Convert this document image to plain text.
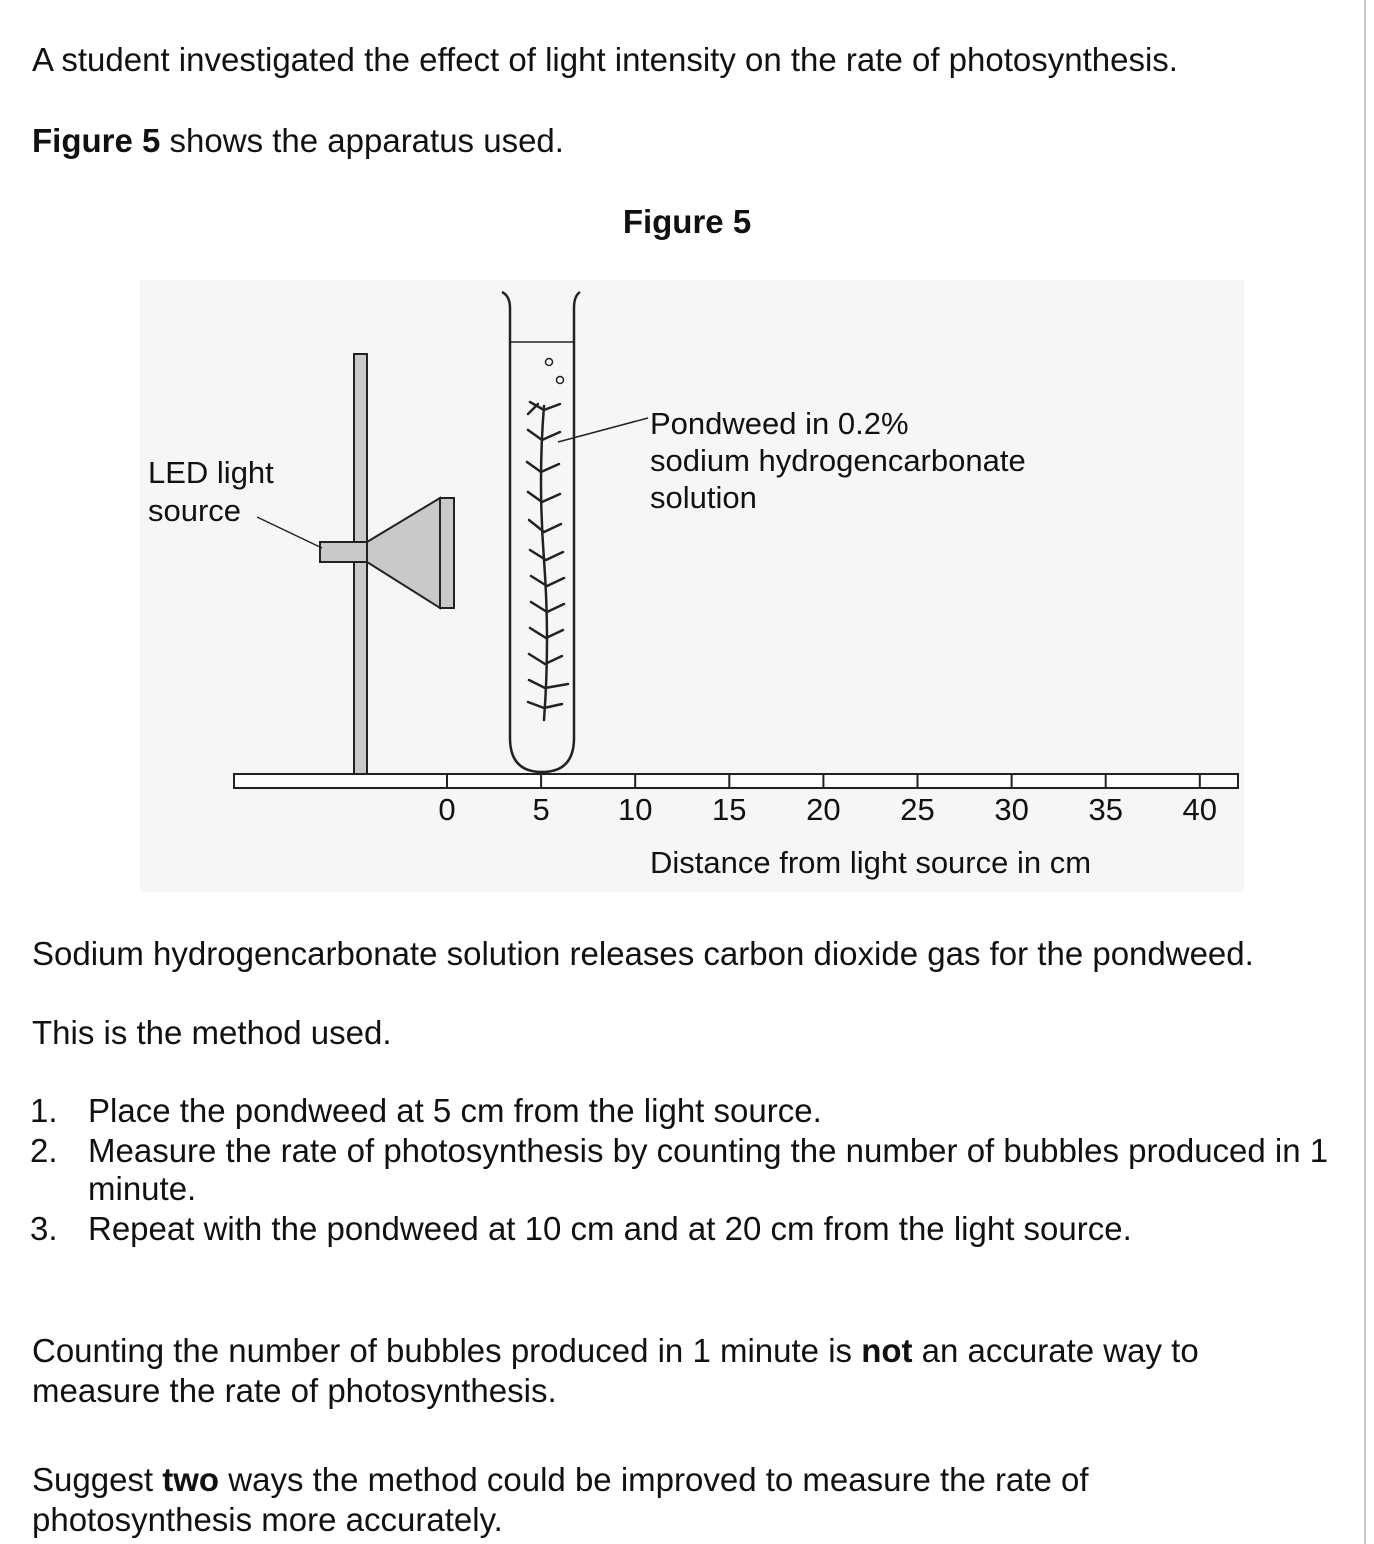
A student investigated the effect of light intensity on the rate of photosynthesis.
Figure 5 shows the apparatus used.
Figure 5
LED light
source
Pondweed in 0.2%
sodium hydrogencarbonate
solution
0 5 10 15 20 25 30 35 40
Distance from light source in cm
Sodium hydrogencarbonate solution releases carbon dioxide gas for the pondweed.
This is the method used.
1. Place the pondweed at 5 cm from the light source.
2. Measure the rate of photosynthesis by counting the number of bubbles produced in 1 minute.
3. Repeat with the pondweed at 10 cm and at 20 cm from the light source.
Counting the number of bubbles produced in 1 minute is not an accurate way to measure the rate of photosynthesis.
Suggest two ways the method could be improved to measure the rate of photosynthesis more accurately.
